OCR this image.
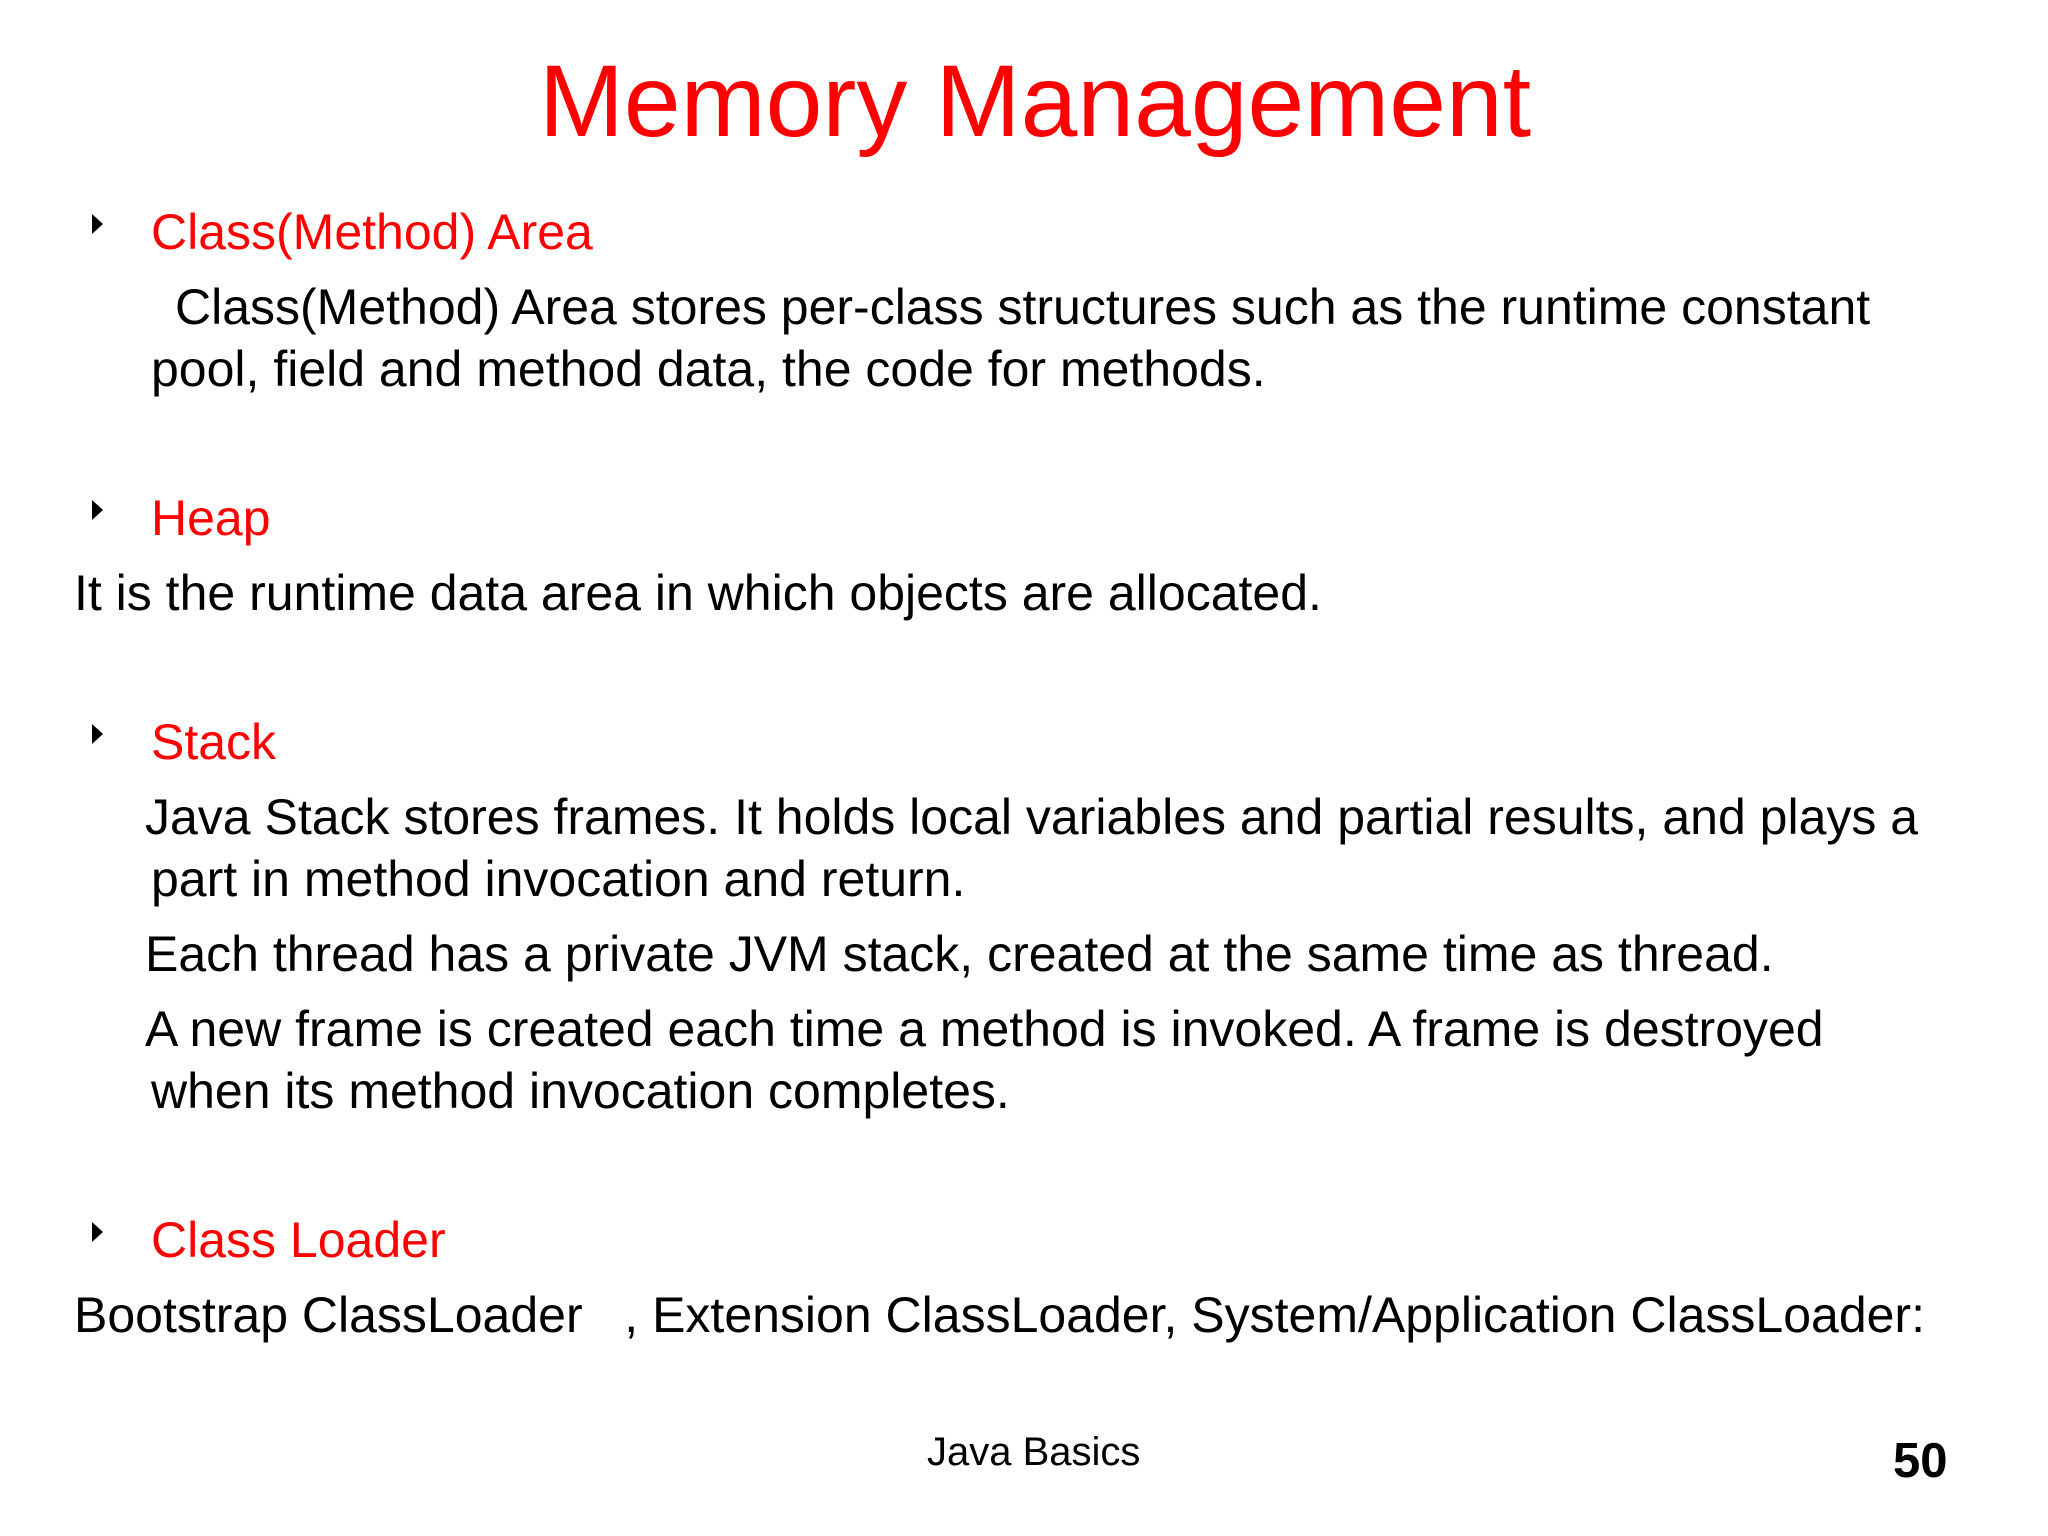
Memory Management
Class(Method) Area
Class(Method) Area stores per-class structures such as the runtime constant
pool, field and method data, the code for methods.
Heap
It is the runtime data area in which objects are allocated.
Stack
Java Stack stores frames. It holds local variables and partial results, and plays a
part in method invocation and return.
Each thread has a private JVM stack, created at the same time as thread.
A new frame is created each time a method is invoked. A frame is destroyed
when its method invocation completes.
Class Loader
Bootstrap ClassLoader   , Extension ClassLoader, System/Application ClassLoader:
Java Basics	50
